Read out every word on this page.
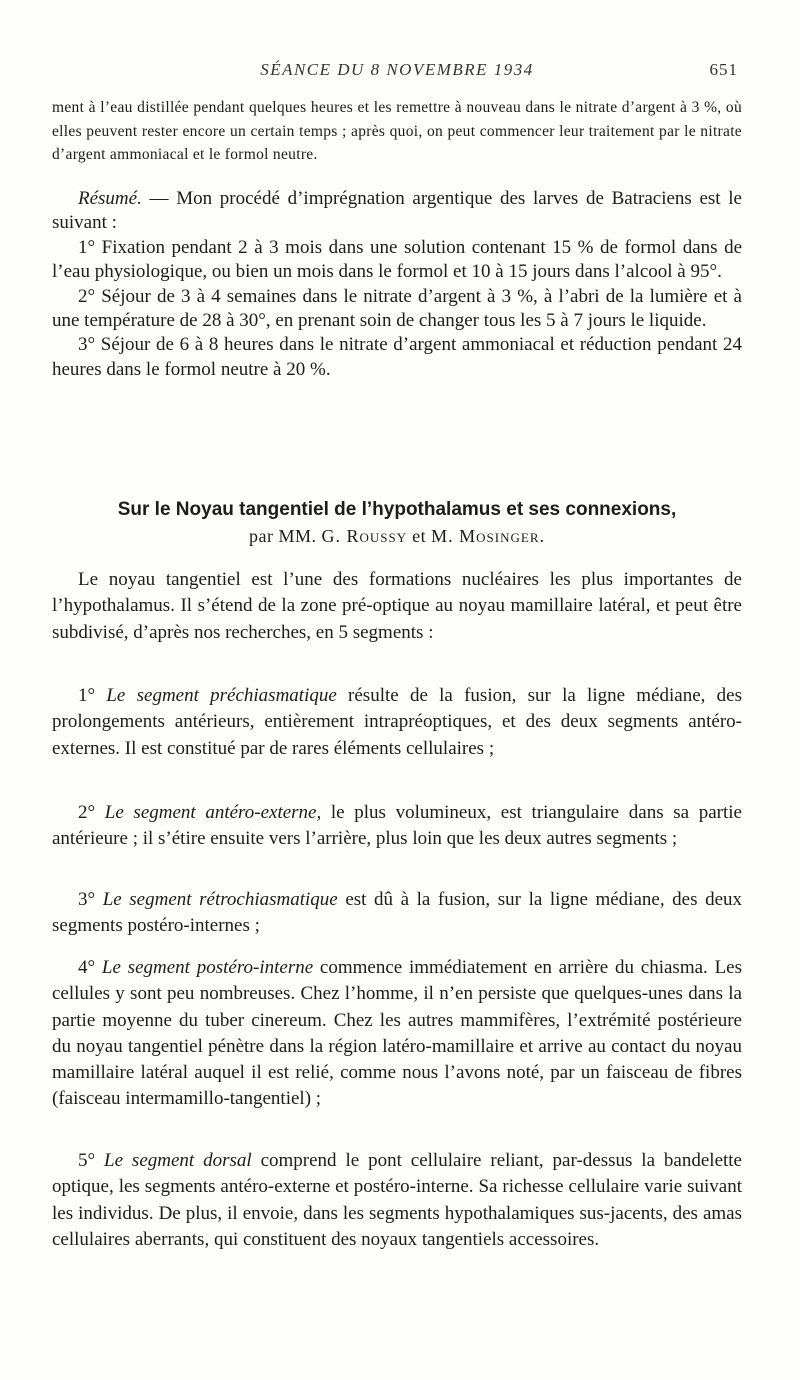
SÉANCE DU 8 NOVEMBRE 1934	651

ment à l’eau distillée pendant quelques heures et les remettre à nouveau dans le nitrate d’argent à 3 %, où elles peuvent rester encore un certain temps ; après quoi, on peut commencer leur traitement par le nitrate d’argent ammoniacal et le formol neutre.

Résumé. — Mon procédé d’imprégnation argentique des larves de Batraciens est le suivant :

1° Fixation pendant 2 à 3 mois dans une solution contenant 15 % de formol dans de l’eau physiologique, ou bien un mois dans le formol et 10 à 15 jours dans l’alcool à 95°.

2° Séjour de 3 à 4 semaines dans le nitrate d’argent à 3 %, à l’abri de la lumière et à une température de 28 à 30°, en prenant soin de changer tous les 5 à 7 jours le liquide.

3° Séjour de 6 à 8 heures dans le nitrate d’argent ammoniacal et réduction pendant 24 heures dans le formol neutre à 20 %.

Sur le Noyau tangentiel de l’hypothalamus et ses connexions,
par MM. G. Roussy et M. Mosinger.

Le noyau tangentiel est l’une des formations nucléaires les plus importantes de l’hypothalamus. Il s’étend de la zone pré-optique au noyau mamillaire latéral, et peut être subdivisé, d’après nos recherches, en 5 segments :

1° Le segment préchiasmatique résulte de la fusion, sur la ligne médiane, des prolongements antérieurs, entièrement intrapréoptiques, et des deux segments antéro-externes. Il est constitué par de rares éléments cellulaires ;

2° Le segment antéro-externe, le plus volumineux, est triangulaire dans sa partie antérieure ; il s’étire ensuite vers l’arrière, plus loin que les deux autres segments ;

3° Le segment rétrochiasmatique est dû à la fusion, sur la ligne médiane, des deux segments postéro-internes ;

4° Le segment postéro-interne commence immédiatement en arrière du chiasma. Les cellules y sont peu nombreuses. Chez l’homme, il n’en persiste que quelques-unes dans la partie moyenne du tuber cinereum. Chez les autres mammifères, l’extrémité postérieure du noyau tangentiel pénètre dans la région latéro-mamillaire et arrive au contact du noyau mamillaire latéral auquel il est relié, comme nous l’avons noté, par un faisceau de fibres (faisceau intermamillo-tangentiel) ;

5° Le segment dorsal comprend le pont cellulaire reliant, par-dessus la bandelette optique, les segments antéro-externe et postéro-interne. Sa richesse cellulaire varie suivant les individus. De plus, il envoie, dans les segments hypothalamiques sus-jacents, des amas cellulaires aberrants, qui constituent des noyaux tangentiels accessoires.
